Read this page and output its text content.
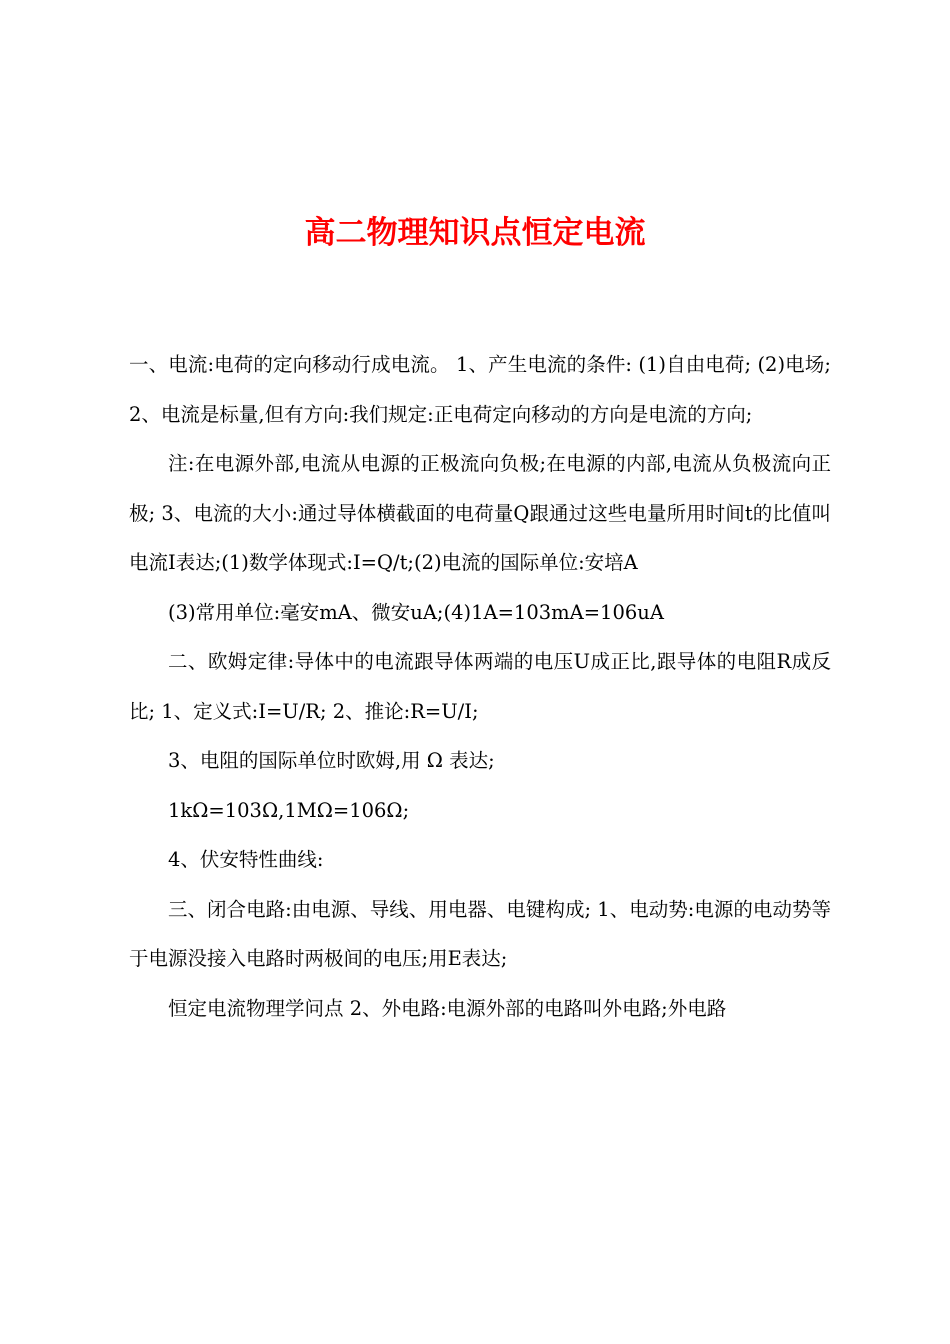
高二物理知识点恒定电流

一、电流:电荷的定向移动行成电流。 1、产生电流的条件: (1)自由电荷; (2)电场; 2、电流是标量,但有方向:我们规定:正电荷定向移动的方向是电流的方向;

注:在电源外部,电流从电源的正极流向负极;在电源的内部,电流从负极流向正极; 3、电流的大小:通过导体横截面的电荷量Q跟通过这些电量所用时间t的比值叫电流I表达;(1)数学体现式:I=Q/t;(2)电流的国际单位:安培A

(3)常用单位:毫安mA、微安uA;(4)1A=103mA=106uA

二、欧姆定律:导体中的电流跟导体两端的电压U成正比,跟导体的电阻R成反比; 1、定义式:I=U/R; 2、推论:R=U/I;

3、电阻的国际单位时欧姆,用 Ω 表达;

1kΩ=103Ω,1MΩ=106Ω;

4、伏安特性曲线:

三、闭合电路:由电源、导线、用电器、电键构成; 1、电动势:电源的电动势等于电源没接入电路时两极间的电压;用E表达;

恒定电流物理学问点 2、外电路:电源外部的电路叫外电路;外电路
